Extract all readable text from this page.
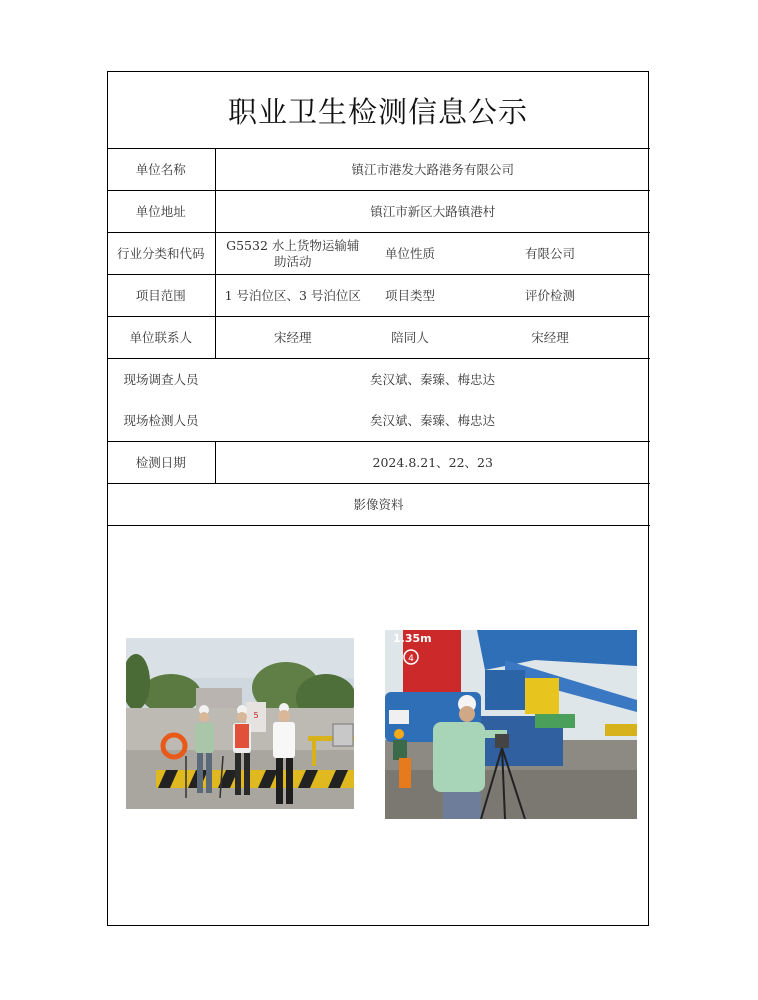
职业卫生检测信息公示
单位名称	镇江市港发大路港务有限公司		
单位地址	镇江市新区大路镇港村		
行业分类和代码	G5532 水上货物运输辅助活动	单位性质	有限公司
项目范围	1 号泊位区、3 号泊位区	项目类型	评价检测
单位联系人	宋经理	陪同人	宋经理
现场调查人员	矣汉斌、秦臻、梅忠达		
现场检测人员	矣汉斌、秦臻、梅忠达		
检测日期	2024.8.21、22、23		
影像资料			
5
1.35m
4
